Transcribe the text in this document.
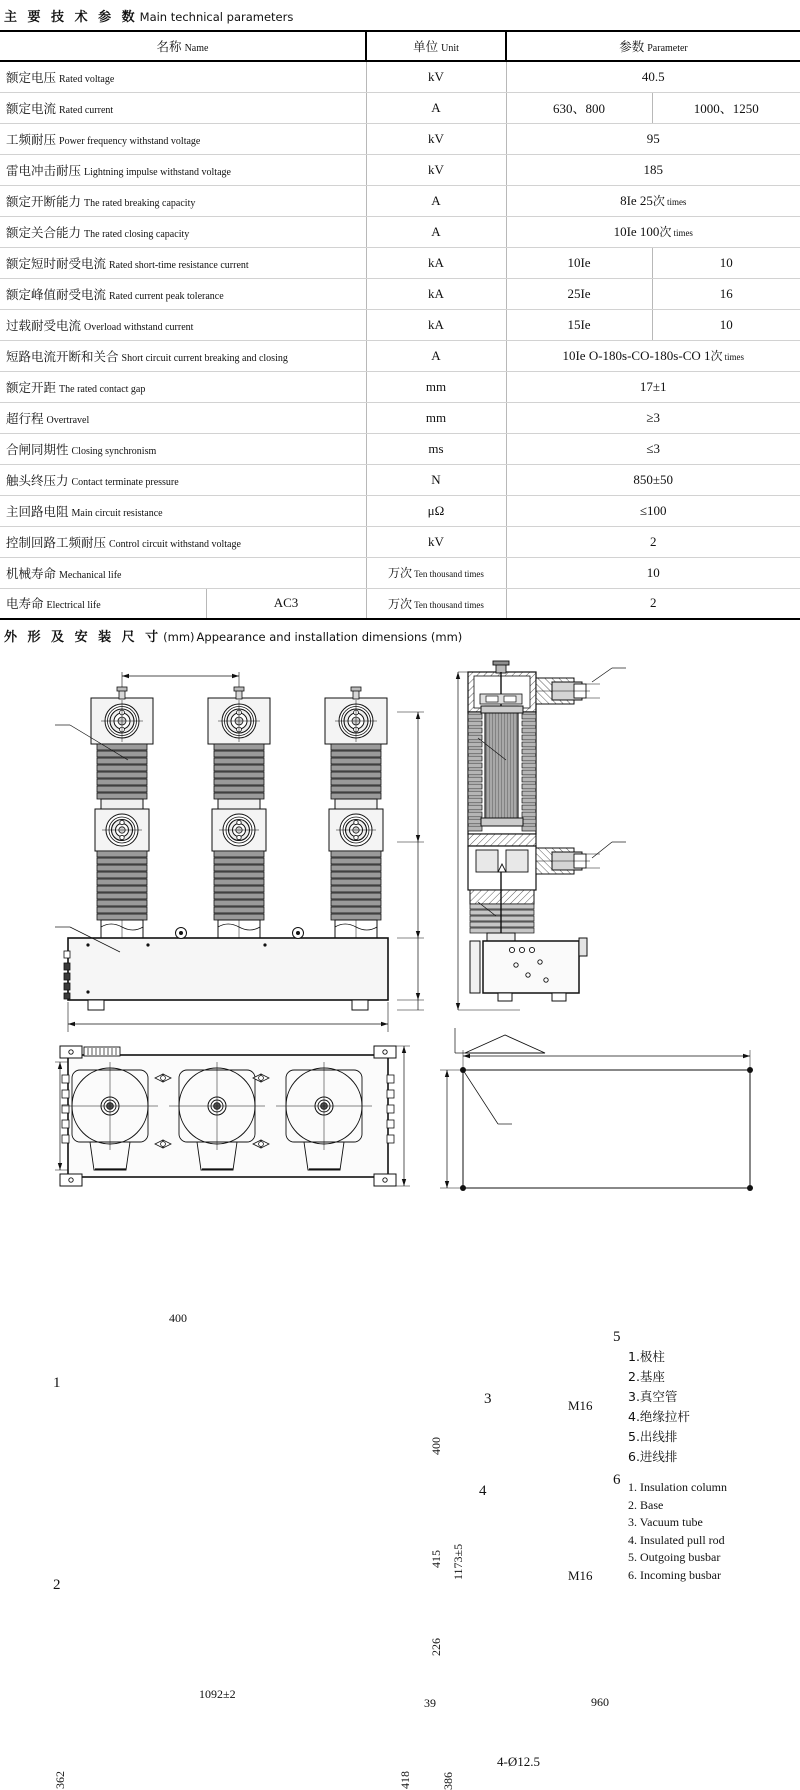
主 要 技 术 参 数 Main technical parameters
名称 Name		单位 Unit	参数 Parameter	
额定电压 Rated voltage		kV	40.5	
额定电流 Rated current		A	630、800	1000、1250
工频耐压 Power frequency withstand voltage		kV	95	
雷电冲击耐压 Lightning impulse withstand voltage		kV	185	
额定开断能力 The rated breaking capacity		A	8Ie 25次 times	
额定关合能力 The rated closing capacity		A	10Ie 100次 times	
额定短时耐受电流 Rated short-time resistance current		kA	10Ie	10
额定峰值耐受电流 Rated current peak tolerance		kA	25Ie	16
过载耐受电流 Overload withstand current		kA	15Ie	10
短路电流开断和关合 Short circuit current breaking and closing		A	10Ie O-180s-CO-180s-CO 1次 times	
额定开距 The rated contact gap		mm	17±1	
超行程 Overtravel		mm	≥3	
合闸同期性 Closing synchronism		ms	≤3	
触头终压力 Contact terminate pressure		N	850±50	
主回路电阻 Main circuit resistance		μΩ	≤100	
控制回路工频耐压 Control circuit withstand voltage		kV	2	
机械寿命 Mechanical life		万次 Ten thousand times	10	
电寿命 Electrical life	AC3	万次 Ten thousand times	2	
外 形 及 安 装 尺 寸 (mm) Appearance and installation dimensions (mm)
400
400
415
226
39
1092±2
1
2
1173±5
3
4
5
6
M16
M16
362	418
960
386
4-Ø12.5
1.极柱
2.基座
3.真空管
4.绝缘拉杆
5.出线排
6.进线排
1. Insulation column
2. Base
3. Vacuum tube
4. Insulated pull rod
5. Outgoing busbar
6. Incoming busbar
